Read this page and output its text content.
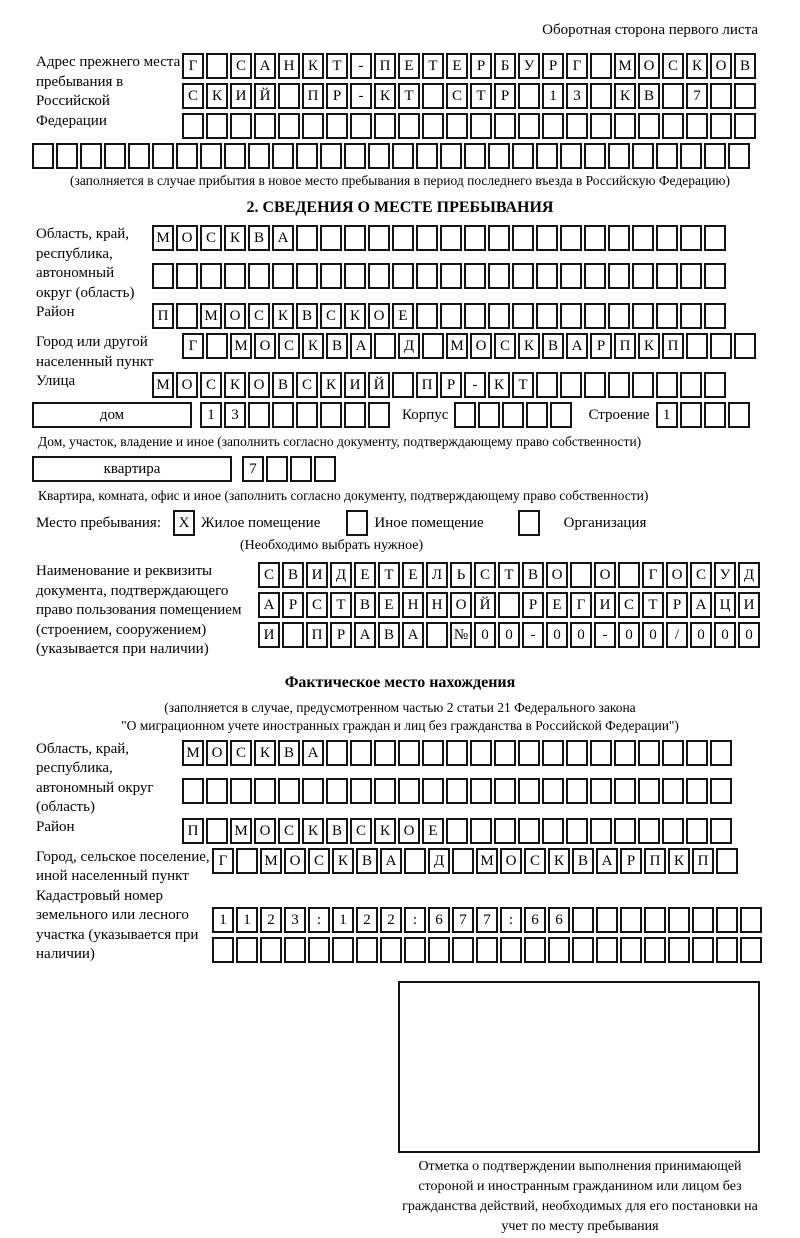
Оборотная сторона первого листа
Адрес прежнего места пребывания в Российской Федерации
Г	С А Н К Т	-	П Е Т Е	Р	Б У Р	Г	М О С К О В
С К И Й	П Р	-	К Т	С Т	Р	1	3	К В	7
(заполняется в случае прибытия в новое место пребывания в период последнего въезда в Российскую Федерацию)
2. СВЕДЕНИЯ О МЕСТЕ ПРЕБЫВАНИЯ
Область, край, республика, автономный округ (область)
М О С К В А
Район	П	М О С К В С К О Е
Город или другой населенный пункт
Г	М О С К В А	Д	М О С К В А Р П К П
Улица	М О С К О В С К И Й	П Р	-	К Т
дом	1	3	Корпус	Строение 1
Дом, участок, владение и иное (заполнить согласно документу, подтверждающему право собственности)
квартира	7
Квартира, комната, офис и иное (заполнить согласно документу, подтверждающему право собственности)
Место пребывания:	X Жилое помещение	Иное помещение	Организация
(Необходимо выбрать нужное)
Наименование и реквизиты документа, подтверждающего право пользования помещением (строением, сооружением) (указывается при наличии)
С В И Д Е Т Е Л Ь С Т В О	О	Г О С У Д
А Р С Т В Е Н Н О Й	Р	Е	Г И С Т	Р А Ц И
И	П Р А В А	№ 0	0	-	0	0	-	0	0	/	0	0	0
Фактическое место нахождения
(заполняется в случае, предусмотренном частью 2 статьи 21 Федерального закона
"О миграционном учете иностранных граждан и лиц без гражданства в Российской Федерации")
Область, край, республика, автономный округ (область)
М О С К В А
Район	П	М О С К В С К О Е
Город, сельское поселение, иной населенный пункт
Г	М О С К В А	Д	М О С К В А Р П К П
Кадастровый номер земельного или лесного участка (указывается при наличии)
1	1	2	3	:	1	2	2	:	6	7	7	:	6	6
Отметка о подтверждении выполнения принимающей стороной и иностранным гражданином или лицом без гражданства действий, необходимых для его постановки на учет по месту пребывания
